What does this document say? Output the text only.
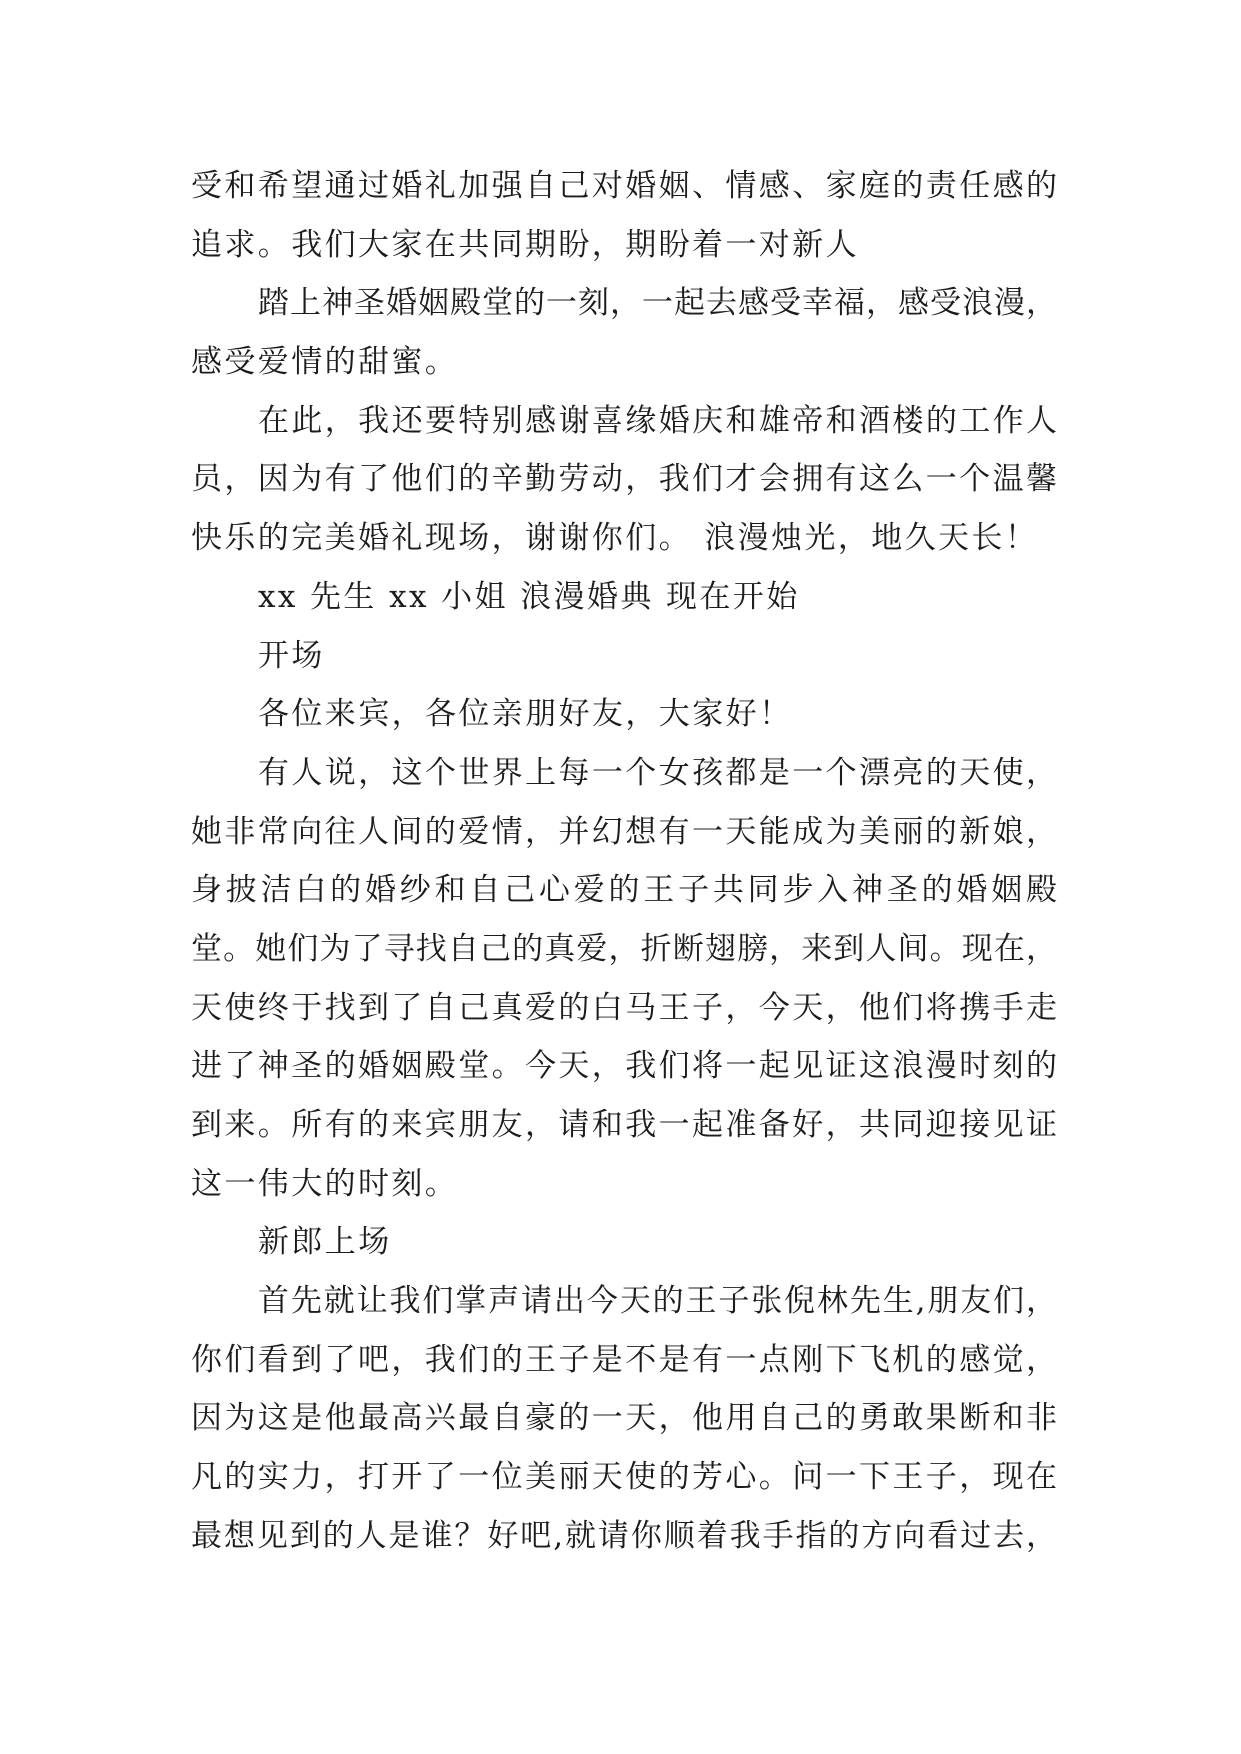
受和希望通过婚礼加强自己对婚姻、情感、家庭的责任感的
追求。我们大家在共同期盼，期盼着一对新人
踏上神圣婚姻殿堂的一刻，一起去感受幸福，感受浪漫，
感受爱情的甜蜜。
在此，我还要特别感谢喜缘婚庆和雄帝和酒楼的工作人
员，因为有了他们的辛勤劳动，我们才会拥有这么一个温馨
快乐的完美婚礼现场，谢谢你们。 浪漫烛光，地久天长！
xx 先生 xx 小姐 浪漫婚典 现在开始
开场
各位来宾，各位亲朋好友，大家好！
有人说，这个世界上每一个女孩都是一个漂亮的天使，
她非常向往人间的爱情，并幻想有一天能成为美丽的新娘，
身披洁白的婚纱和自己心爱的王子共同步入神圣的婚姻殿
堂。她们为了寻找自己的真爱，折断翅膀，来到人间。现在，
天使终于找到了自己真爱的白马王子，今天，他们将携手走
进了神圣的婚姻殿堂。今天，我们将一起见证这浪漫时刻的
到来。所有的来宾朋友，请和我一起准备好，共同迎接见证
这一伟大的时刻。
新郎上场
首先就让我们掌声请出今天的王子张倪林先生,朋友们，
你们看到了吧，我们的王子是不是有一点刚下飞机的感觉，
因为这是他最高兴最自豪的一天，他用自己的勇敢果断和非
凡的实力，打开了一位美丽天使的芳心。问一下王子，现在
最想见到的人是谁？好吧,就请你顺着我手指的方向看过去，
